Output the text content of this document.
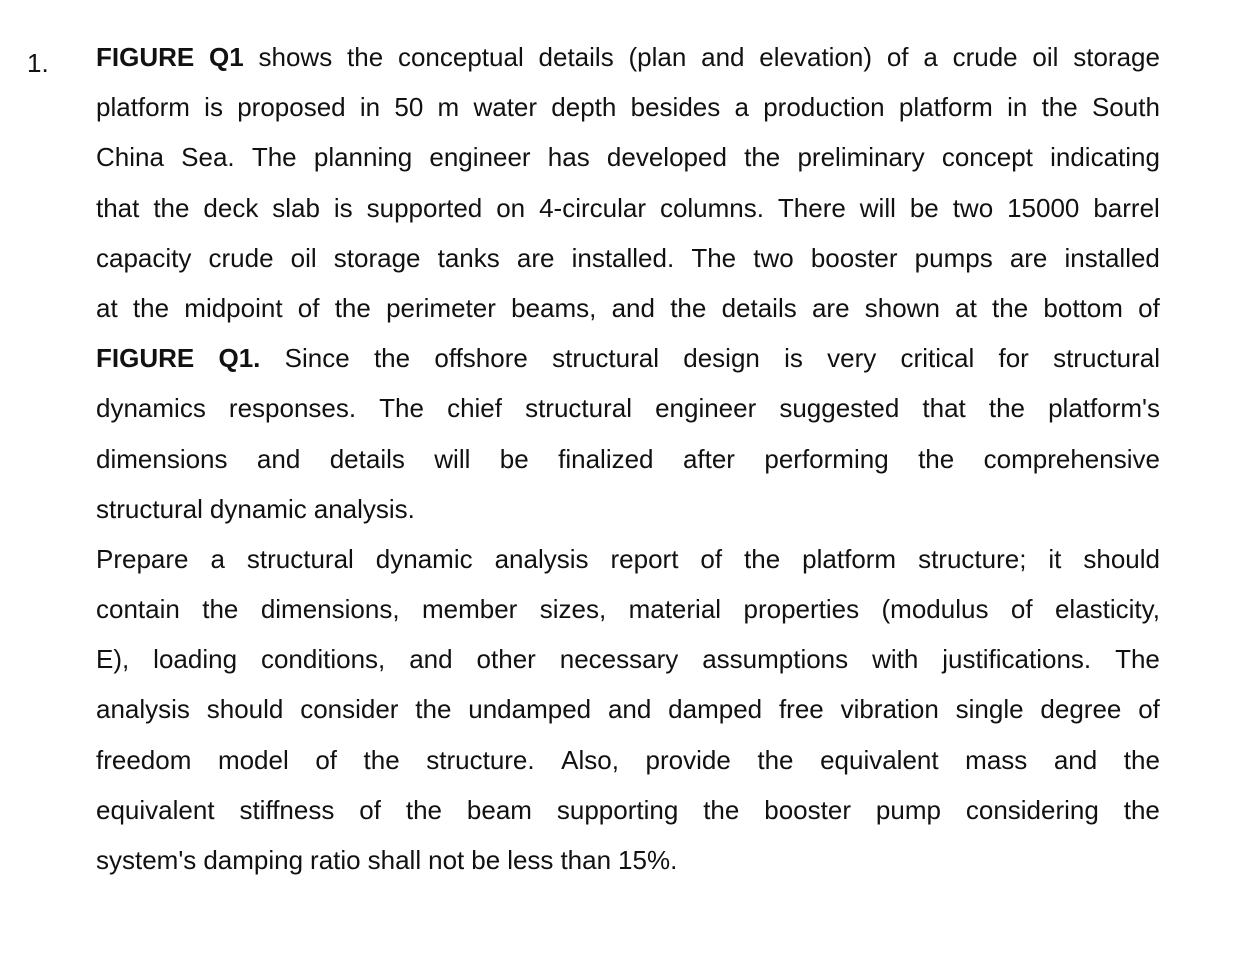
1. FIGURE Q1 shows the conceptual details (plan and elevation) of a crude oil storage
platform is proposed in 50 m water depth besides a production platform in the South
China Sea. The planning engineer has developed the preliminary concept indicating
that the deck slab is supported on 4-circular columns. There will be two 15000 barrel
capacity crude oil storage tanks are installed. The two booster pumps are installed
at the midpoint of the perimeter beams, and the details are shown at the bottom of
FIGURE Q1. Since the offshore structural design is very critical for structural
dynamics responses. The chief structural engineer suggested that the platform's
dimensions and details will be finalized after performing the comprehensive
structural dynamic analysis.
Prepare a structural dynamic analysis report of the platform structure; it should
contain the dimensions, member sizes, material properties (modulus of elasticity,
E), loading conditions, and other necessary assumptions with justifications. The
analysis should consider the undamped and damped free vibration single degree of
freedom model of the structure. Also, provide the equivalent mass and the
equivalent stiffness of the beam supporting the booster pump considering the
system's damping ratio shall not be less than 15%.
